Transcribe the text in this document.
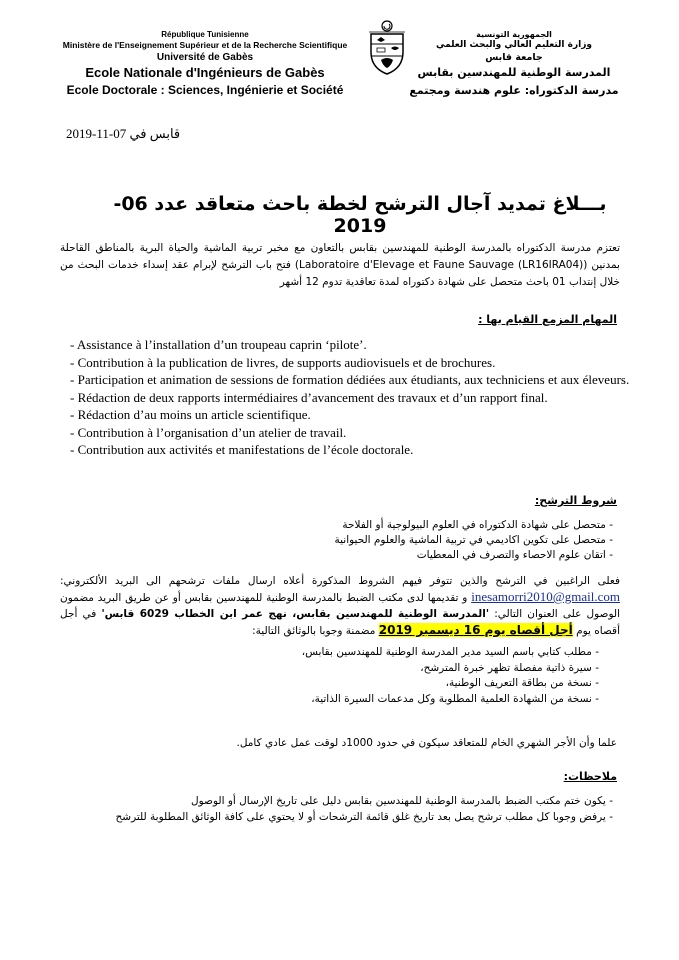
République Tunisienne
Ministère de l'Enseignement Supérieur et de la Recherche Scientifique
Université de Gabès
Ecole Nationale d'Ingénieurs de Gabès
Ecole Doctorale : Sciences, Ingénierie et Société
الجمهورية التونسية
وزارة التعليم العالي والبحث العلمي
جامعة قابس
المدرسة الوطنية للمهندسين بقابس
مدرسة الدكتوراه: علوم هندسة ومجتمع
قابس في 07-11-2019
بـــلاغ تمديد آجال الترشح لخطة باحث متعاقد عدد 06-2019
تعتزم مدرسة الدكتوراه بالمدرسة الوطنية للمهندسين بقابس بالتعاون مع مخبر تربية الماشية والحياة البرية بالمناطق القاحلة بمدنين (Laboratoire d'Elevage et Faune Sauvage (LR16IRA04)) فتح باب الترشح لإبرام عقد إسداء خدمات البحث من خلال إنتداب 01 باحث متحصل على شهادة دكتوراه لمدة تعاقدية تدوم 12 أشهر
المهام المزمع القيام بها :
- Assistance à l’installation d’un troupeau caprin ‘pilote’.
- Contribution à la publication de livres, de supports audiovisuels et de brochures.
- Participation et animation de sessions de formation dédiées aux étudiants, aux techniciens et aux éleveurs.
- Rédaction de deux rapports intermédiaires d’avancement des travaux et d’un rapport final.
- Rédaction d’au moins un article scientifique.
- Contribution à l’organisation d’un atelier de travail.
- Contribution aux activités et manifestations de l’école doctorale.
شروط الترشح:
- متحصل على شهادة الدكتوراه في العلوم البيولوجية أو الفلاحة
- متحصل على تكوين اكاديمي في تربية الماشية والعلوم الحيوانية
- اتقان علوم الاحصاء والتصرف في المعطيات
فعلى الراغبين في الترشح والذين تتوفر فيهم الشروط المذكورة أعلاه ارسال ملفات ترشحهم الى البريد الألكتروني: inesamorri2010@gmail.com و تقديمها لدى مكتب الضبط بالمدرسة الوطنية للمهندسين بقابس أو عن طريق البريد مضمون الوصول على العنوان التالي: 'المدرسة الوطنية للمهندسين بقابس، نهج عمر ابن الخطاب 6029 قابس' في أجل أقصاه يوم أجل أقصاه يوم 16 ديسمبر 2019 مضمنة وجوبا بالوثائق التالية:
- مطلب كتابي باسم السيد مدير المدرسة الوطنية للمهندسين بقابس،
- سيرة ذاتية مفصلة تظهر خبرة المترشح،
- نسخة من بطاقة التعريف الوطنية،
- نسخة من الشهادة العلمية المطلوبة وكل مدعمات السيرة الذاتية،
علما وأن الأجر الشهري الخام للمتعاقد سيكون في حدود 1000د لوقت عمل عادي كامل.
ملاحظات:
- يكون ختم مكتب الضبط بالمدرسة الوطنية للمهندسين بقابس دليل على تاريخ الإرسال أو الوصول
- يرفض وجوبا كل مطلب ترشح يصل بعد تاريخ غلق قائمة الترشحات أو لا يحتوي على كافة الوثائق المطلوبة للترشح
